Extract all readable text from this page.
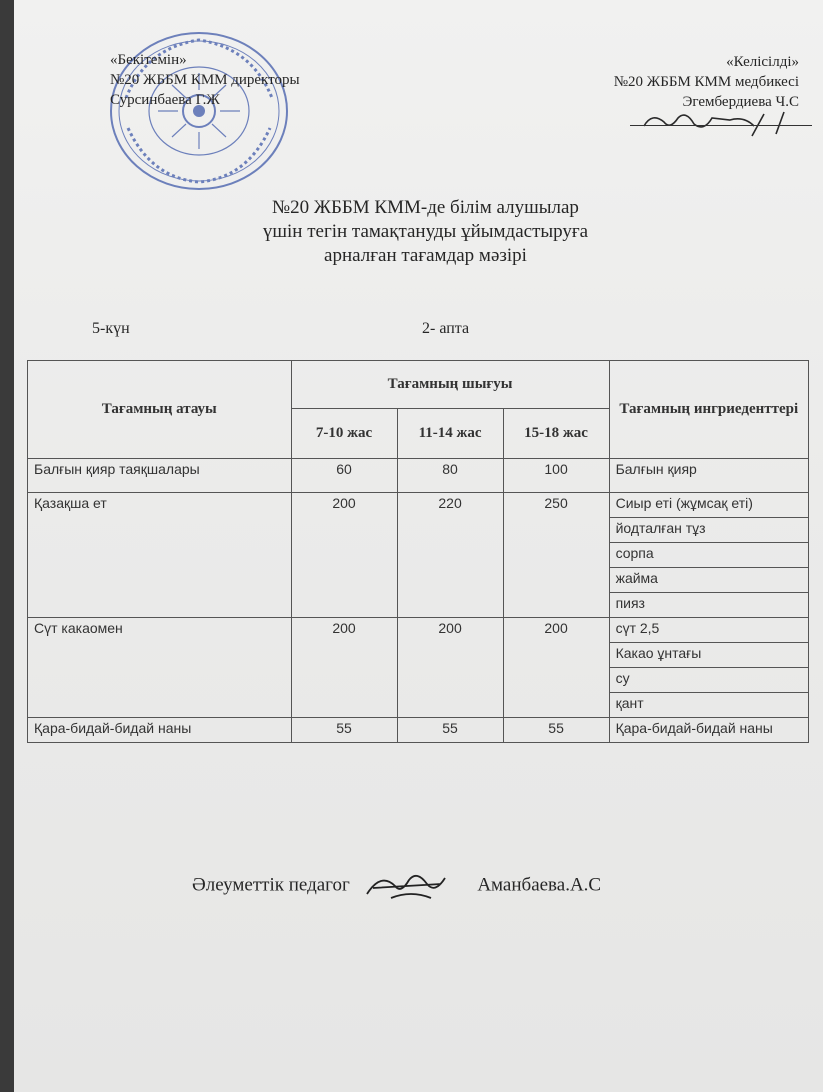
«Бекітемін»
№20 ЖББМ КММ директоры
Сурсинбаева Г.Ж
«Келісілді»
№20 ЖББМ КММ медбикесі
Эгембердиева Ч.С
№20 ЖББМ КММ-де білім алушылар
үшін тегін тамақтануды ұйымдастыруға
арналған тағамдар мәзірі
5-күн	2- апта
Тағамның атауы	Тағамның шығуы			Тағамның ингриеденттері
	7-10 жас	11-14 жас	15-18 жас	
Балғын қияр таяқшалары	60	80	100	Балғын қияр

Қазақша ет	200	220	250	Сиыр еті (жұмсақ еті)
йодталған тұз
сорпа
жайма
пияз

Сүт какаомен	200	200	200	сүт 2,5
Какао ұнтағы
су
қант

Қара-бидай-бидай наны	55	55	55	Қара-бидай-бидай наны
Әлеуметтік педагог	Аманбаева.А.С
